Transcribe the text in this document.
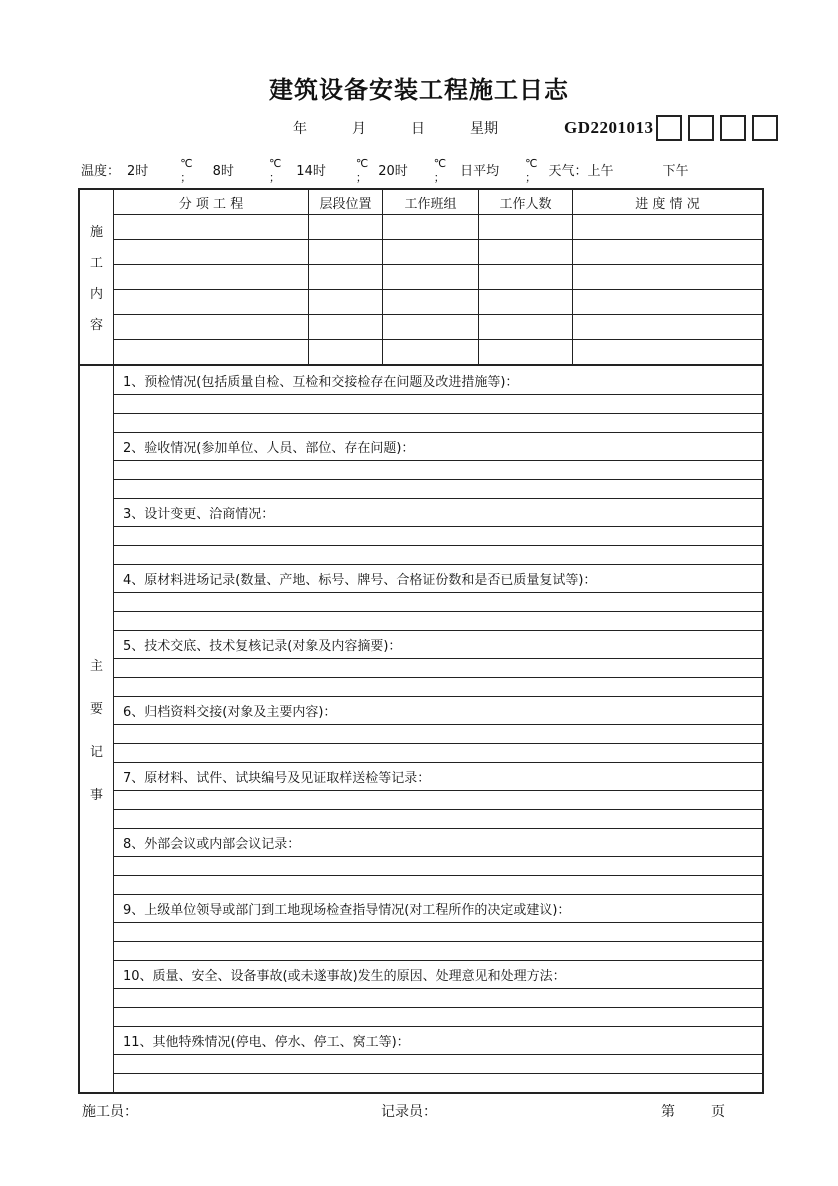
建筑设备安装工程施工日志
年	月	日	星期	GD2201013
温度： 2时
℃
； 8时
℃
； 14时
℃
； 20时
℃
； 日平均
℃
； 天气： 上午	下午
施
工
内
容
分 项 工 程	层段位置	工作班组	工作人数	进 度 情 况
主
要
记
事
1、预检情况(包括质量自检、互检和交接检存在问题及改进措施等)：
2、验收情况(参加单位、人员、部位、存在问题)：
3、设计变更、洽商情况：
4、原材料进场记录(数量、产地、标号、牌号、合格证份数和是否已质量复试等)：
5、技术交底、技术复核记录(对象及内容摘要)：
6、归档资料交接(对象及主要内容)：
7、原材料、试件、试块编号及见证取样送检等记录：
8、外部会议或内部会议记录：
9、上级单位领导或部门到工地现场检查指导情况(对工程所作的决定或建议)：
10、质量、安全、设备事故(或未遂事故)发生的原因、处理意见和处理方法：
11、其他特殊情况(停电、停水、停工、窝工等)：
施工员：	记录员：	第	页
